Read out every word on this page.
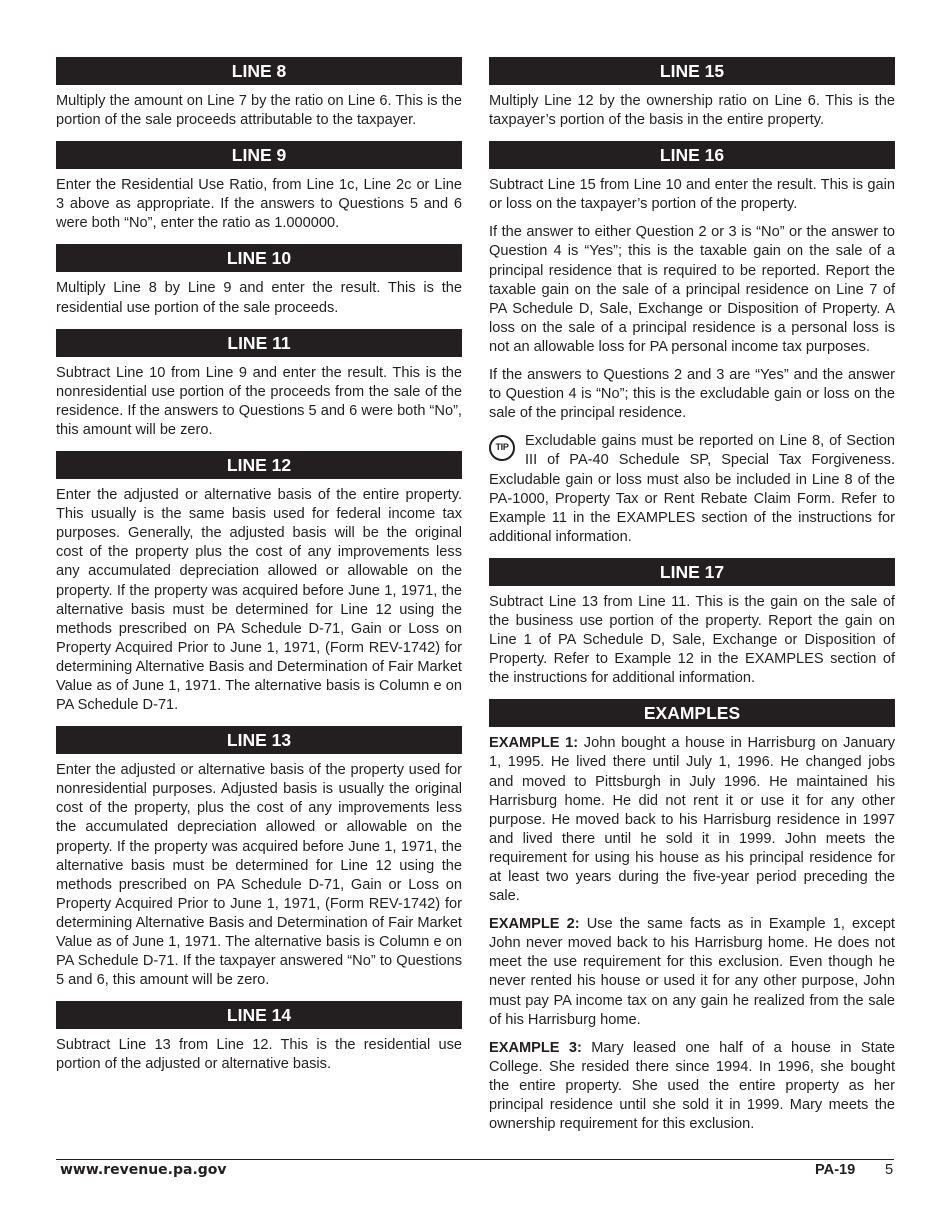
LINE 8

Multiply the amount on Line 7 by the ratio on Line 6. This is the portion of the sale proceeds attributable to the taxpayer.

LINE 9

Enter the Residential Use Ratio, from Line 1c, Line 2c or Line 3 above as appropriate. If the answers to Questions 5 and 6 were both “No”, enter the ratio as 1.000000.

LINE 10

Multiply Line 8 by Line 9 and enter the result. This is the residential use portion of the sale proceeds.

LINE 11

Subtract Line 10 from Line 9 and enter the result. This is the nonresidential use portion of the proceeds from the sale of the residence. If the answers to Questions 5 and 6 were both “No”, this amount will be zero.

LINE 12

Enter the adjusted or alternative basis of the entire property. This usually is the same basis used for federal income tax purposes. Generally, the adjusted basis will be the original cost of the property plus the cost of any improvements less any accumulated depreciation allowed or allowable on the property. If the property was acquired before June 1, 1971, the alternative basis must be determined for Line 12 using the methods prescribed on PA Schedule D-71, Gain or Loss on Property Acquired Prior to June 1, 1971, (Form REV-1742) for determining Alternative Basis and Determination of Fair Market Value as of June 1, 1971. The alternative basis is Column e on PA Schedule D-71.

LINE 13

Enter the adjusted or alternative basis of the property used for nonresidential purposes. Adjusted basis is usually the original cost of the property, plus the cost of any improvements less the accumulated depreciation allowed or allowable on the property. If the property was acquired before June 1, 1971, the alternative basis must be determined for Line 12 using the methods prescribed on PA Schedule D-71, Gain or Loss on Property Acquired Prior to June 1, 1971, (Form REV-1742) for determining Alternative Basis and Determination of Fair Market Value as of June 1, 1971. The alternative basis is Column e on PA Schedule D-71. If the taxpayer answered “No” to Questions 5 and 6, this amount will be zero.

LINE 14

Subtract Line 13 from Line 12. This is the residential use portion of the adjusted or alternative basis.

LINE 15

Multiply Line 12 by the ownership ratio on Line 6. This is the taxpayer’s portion of the basis in the entire property.

LINE 16

Subtract Line 15 from Line 10 and enter the result. This is gain or loss on the taxpayer’s portion of the property.

If the answer to either Question 2 or 3 is “No” or the answer to Question 4 is “Yes”; this is the taxable gain on the sale of a principal residence that is required to be reported. Report the taxable gain on the sale of a principal residence on Line 7 of PA Schedule D, Sale, Exchange or Disposition of Property. A loss on the sale of a principal residence is a personal loss is not an allowable loss for PA personal income tax purposes.

If the answers to Questions 2 and 3 are “Yes” and the answer to Question 4 is “No”; this is the excludable gain or loss on the sale of the principal residence.

TIP	Excludable gains must be reported on Line 8, of Section III of PA-40 Schedule SP, Special Tax Forgiveness. Excludable gain or loss must also be included in Line 8 of the PA-1000, Property Tax or Rent Rebate Claim Form. Refer to Example 11 in the EXAMPLES section of the instructions for additional information.

LINE 17

Subtract Line 13 from Line 11. This is the gain on the sale of the business use portion of the property. Report the gain on Line 1 of PA Schedule D, Sale, Exchange or Disposition of Property. Refer to Example 12 in the EXAMPLES section of the instructions for additional information.

EXAMPLES

EXAMPLE 1: John bought a house in Harrisburg on January 1, 1995. He lived there until July 1, 1996. He changed jobs and moved to Pittsburgh in July 1996. He maintained his Harrisburg home. He did not rent it or use it for any other purpose. He moved back to his Harrisburg residence in 1997 and lived there until he sold it in 1999. John meets the requirement for using his house as his principal residence for at least two years during the five-year period preceding the sale.

EXAMPLE 2: Use the same facts as in Example 1, except John never moved back to his Harrisburg home. He does not meet the use requirement for this exclusion. Even though he never rented his house or used it for any other purpose, John must pay PA income tax on any gain he realized from the sale of his Harrisburg home.

EXAMPLE 3: Mary leased one half of a house in State College. She resided there since 1994. In 1996, she bought the entire property. She used the entire property as her principal residence until she sold it in 1999. Mary meets the ownership requirement for this exclusion.

www.revenue.pa.gov	PA-19 5
